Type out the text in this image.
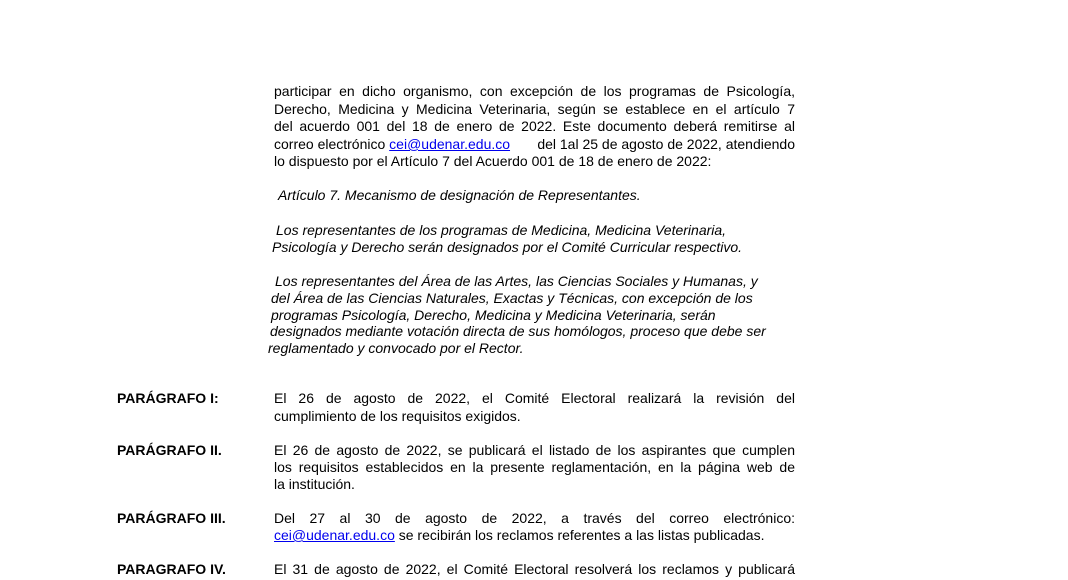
participar en dicho organismo, con excepción de los programas de Psicología,
Derecho, Medicina y Medicina Veterinaria, según se establece en el artículo 7
del acuerdo 001 del 18 de enero de 2022. Este documento deberá remitirse al
correo electrónico cei@udenar.edu.co del 1al 25 de agosto de 2022, atendiendo
lo dispuesto por el Artículo 7 del Acuerdo 001 de 18 de enero de 2022:
Artículo 7. Mecanismo de designación de Representantes.
Los representantes de los programas de Medicina, Medicina Veterinaria,
Psicología y Derecho serán designados por el Comité Curricular respectivo.
Los representantes del Área de las Artes, las Ciencias Sociales y Humanas, y
del Área de las Ciencias Naturales, Exactas y Técnicas, con excepción de los
programas Psicología, Derecho, Medicina y Medicina Veterinaria, serán
designados mediante votación directa de sus homólogos, proceso que debe ser
reglamentado y convocado por el Rector.
PARÁGRAFO I:	El 26 de agosto de 2022, el Comité Electoral realizará la revisión del
cumplimiento de los requisitos exigidos.
PARÁGRAFO II.	El 26 de agosto de 2022, se publicará el listado de los aspirantes que cumplen
los requisitos establecidos en la presente reglamentación, en la página web de
la institución.
PARÁGRAFO III.	Del 27 al 30 de agosto de 2022, a través del correo electrónico:
cei@udenar.edu.co se recibirán los reclamos referentes a las listas publicadas.
PARAGRAFO IV.	El 31 de agosto de 2022, el Comité Electoral resolverá los reclamos y publicará
